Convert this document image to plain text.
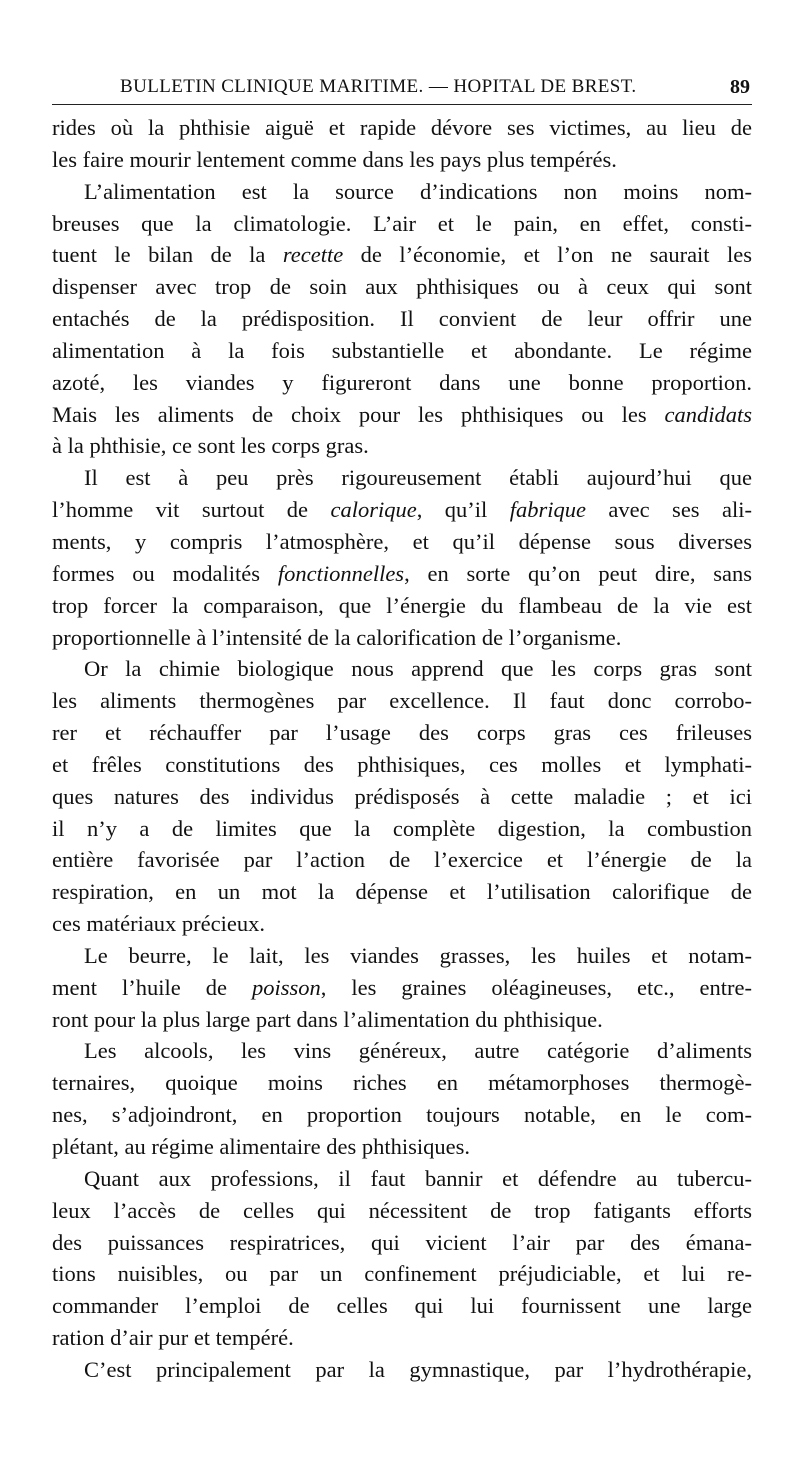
BULLETIN CLINIQUE MARITIME. — HOPITAL DE BREST.	89
rides où la phthisie aiguë et rapide dévore ses victimes, au lieu de
les faire mourir lentement comme dans les pays plus tempérés.
L’alimentation est la source d’indications non moins nom-
breuses que la climatologie. L’air et le pain, en effet, consti-
tuent le bilan de la recette de l’économie, et l’on ne saurait les
dispenser avec trop de soin aux phthisiques ou à ceux qui sont
entachés de la prédisposition. Il convient de leur offrir une
alimentation à la fois substantielle et abondante. Le régime
azoté, les viandes y figureront dans une bonne proportion.
Mais les aliments de choix pour les phthisiques ou les candidats
à la phthisie, ce sont les corps gras.
Il est à peu près rigoureusement établi aujourd’hui que
l’homme vit surtout de calorique, qu’il fabrique avec ses ali-
ments, y compris l’atmosphère, et qu’il dépense sous diverses
formes ou modalités fonctionnelles, en sorte qu’on peut dire, sans
trop forcer la comparaison, que l’énergie du flambeau de la vie est
proportionnelle à l’intensité de la calorification de l’organisme.
Or la chimie biologique nous apprend que les corps gras sont
les aliments thermogènes par excellence. Il faut donc corrobo-
rer et réchauffer par l’usage des corps gras ces frileuses
et frêles constitutions des phthisiques, ces molles et lymphati-
ques natures des individus prédisposés à cette maladie ; et ici
il n’y a de limites que la complète digestion, la combustion
entière favorisée par l’action de l’exercice et l’énergie de la
respiration, en un mot la dépense et l’utilisation calorifique de
ces matériaux précieux.
Le beurre, le lait, les viandes grasses, les huiles et notam-
ment l’huile de poisson, les graines oléagineuses, etc., entre-
ront pour la plus large part dans l’alimentation du phthisique.
Les alcools, les vins généreux, autre catégorie d’aliments
ternaires, quoique moins riches en métamorphoses thermogè-
nes, s’adjoindront, en proportion toujours notable, en le com-
plétant, au régime alimentaire des phthisiques.
Quant aux professions, il faut bannir et défendre au tubercu-
leux l’accès de celles qui nécessitent de trop fatigants efforts
des puissances respiratrices, qui vicient l’air par des émana-
tions nuisibles, ou par un confinement préjudiciable, et lui re-
commander l’emploi de celles qui lui fournissent une large
ration d’air pur et tempéré.
C’est principalement par la gymnastique, par l’hydrothérapie,
